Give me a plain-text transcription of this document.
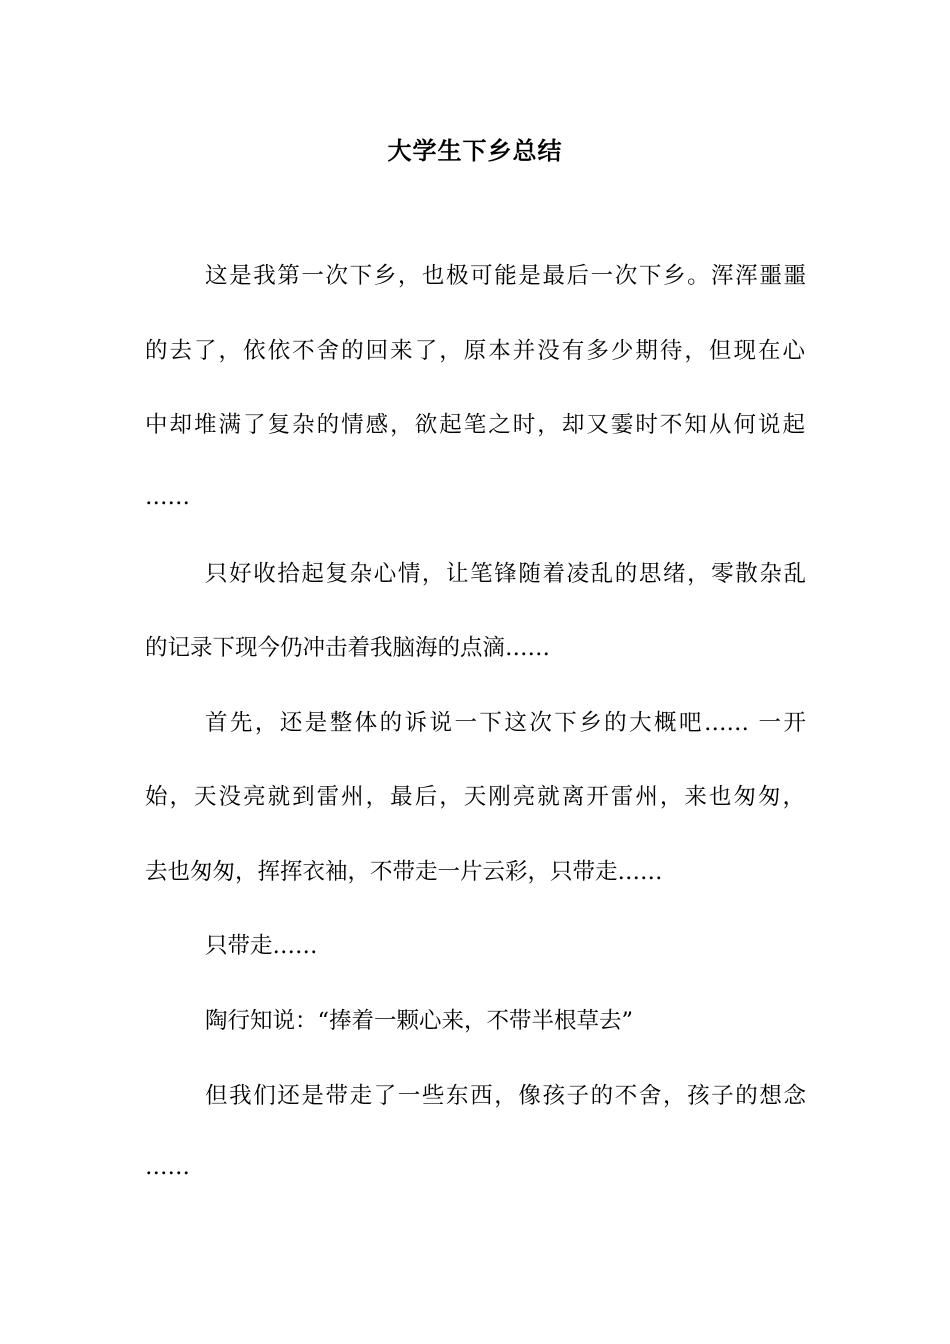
大学生下乡总结

这是我第一次下乡，也极可能是最后一次下乡。浑浑噩噩

的去了，依依不舍的回来了，原本并没有多少期待，但现在心

中却堆满了复杂的情感，欲起笔之时，却又霎时不知从何说起

……

只好收拾起复杂心情，让笔锋随着凌乱的思绪，零散杂乱

的记录下现今仍冲击着我脑海的点滴……

首先，还是整体的诉说一下这次下乡的大概吧…… 一开

始，天没亮就到雷州，最后，天刚亮就离开雷州，来也匆匆，

去也匆匆，挥挥衣袖，不带走一片云彩，只带走……

只带走……

陶行知说：“捧着一颗心来，不带半根草去”

但我们还是带走了一些东西，像孩子的不舍，孩子的想念

……
